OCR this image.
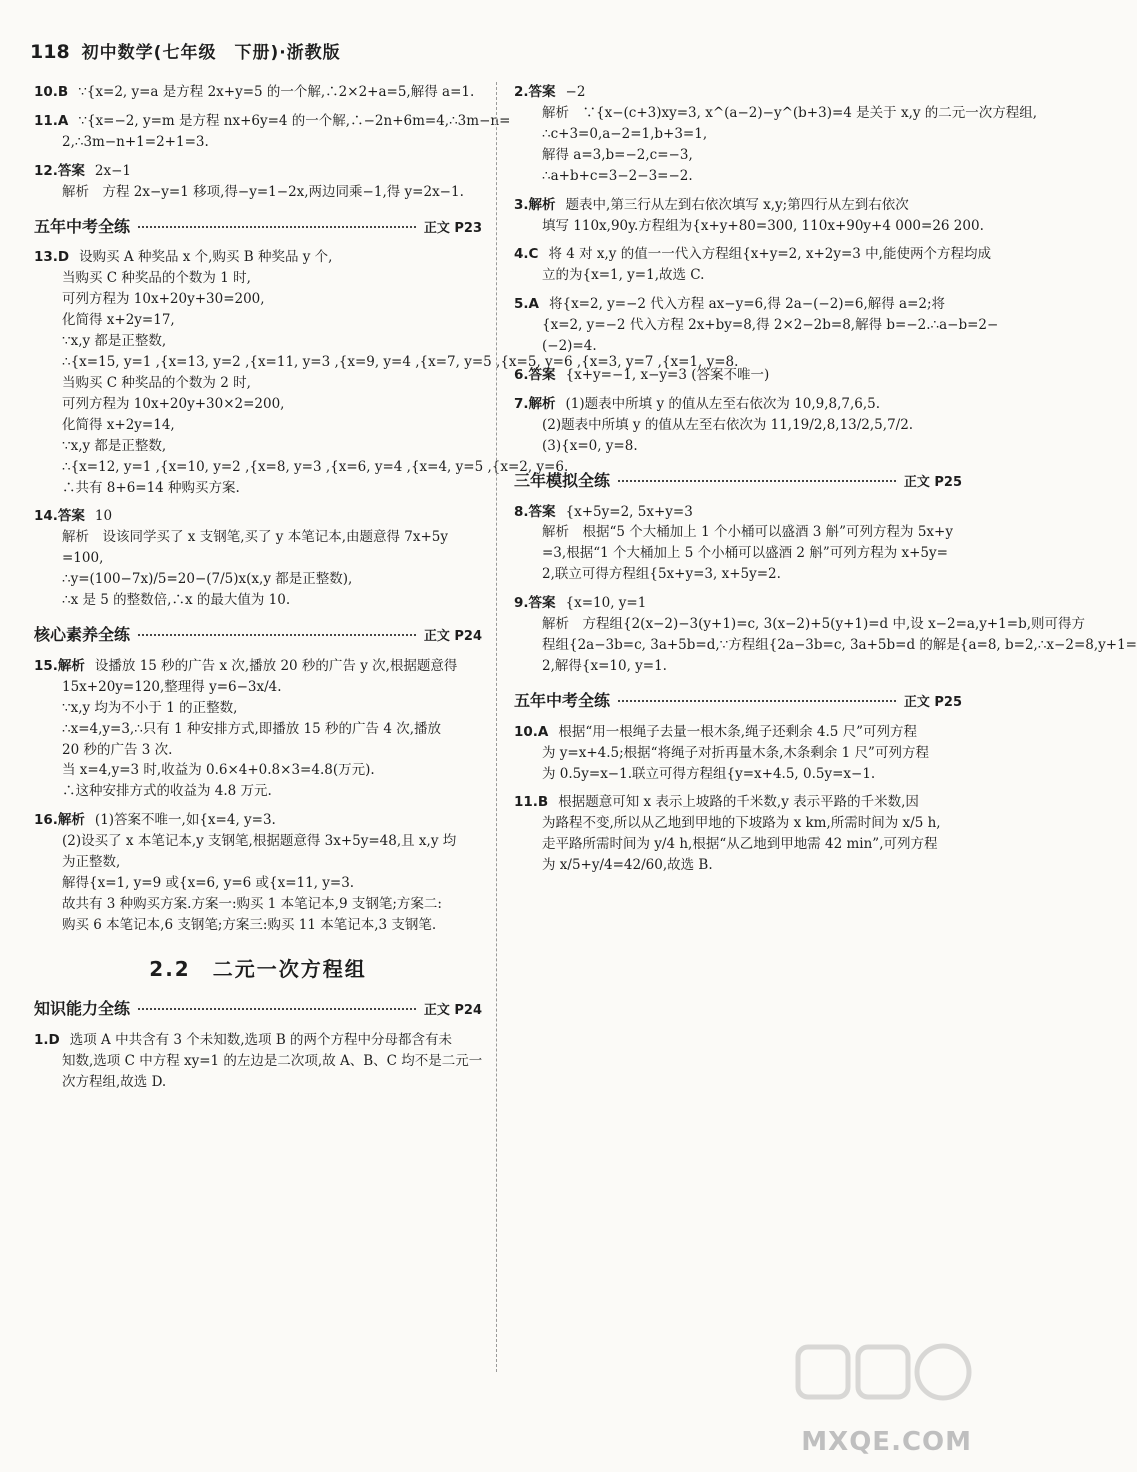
118 初中数学(七年级　下册)·浙教版
10.B ∵{x=2, y=a 是方程 2x+y=5 的一个解,∴2×2+a=5,解得 a=1.
11.A ∵{x=−2, y=m 是方程 nx+6y=4 的一个解,∴−2n+6m=4,∴3m−n=
2,∴3m−n+1=2+1=3.
12.答案 2x−1
解析　方程 2x−y=1 移项,得−y=1−2x,两边同乘−1,得 y=2x−1.
五年中考全练	正文 P23
13.D 设购买 A 种奖品 x 个,购买 B 种奖品 y 个,
当购买 C 种奖品的个数为 1 时,
可列方程为 10x+20y+30=200,
化简得 x+2y=17,
∵x,y 都是正整数,
∴{x=15, y=1 ,{x=13, y=2 ,{x=11, y=3 ,{x=9, y=4 ,{x=7, y=5 ,{x=5, y=6 ,{x=3, y=7 ,{x=1, y=8.
当购买 C 种奖品的个数为 2 时,
可列方程为 10x+20y+30×2=200,
化简得 x+2y=14,
∵x,y 都是正整数,
∴{x=12, y=1 ,{x=10, y=2 ,{x=8, y=3 ,{x=6, y=4 ,{x=4, y=5 ,{x=2, y=6.
∴共有 8+6=14 种购买方案.
14.答案 10
解析　设该同学买了 x 支钢笔,买了 y 本笔记本,由题意得 7x+5y
=100,
∴y=(100−7x)/5=20−(7/5)x(x,y 都是正整数),
∴x 是 5 的整数倍,∴x 的最大值为 10.
核心素养全练	正文 P24
15.解析 设播放 15 秒的广告 x 次,播放 20 秒的广告 y 次,根据题意得
15x+20y=120,整理得 y=6−3x/4.
∵x,y 均为不小于 1 的正整数,
∴x=4,y=3,∴只有 1 种安排方式,即播放 15 秒的广告 4 次,播放
20 秒的广告 3 次.
当 x=4,y=3 时,收益为 0.6×4+0.8×3=4.8(万元).
∴这种安排方式的收益为 4.8 万元.
16.解析 (1)答案不唯一,如{x=4, y=3.
(2)设买了 x 本笔记本,y 支钢笔,根据题意得 3x+5y=48,且 x,y 均
为正整数,
解得{x=1, y=9 或{x=6, y=6 或{x=11, y=3.
故共有 3 种购买方案.方案一:购买 1 本笔记本,9 支钢笔;方案二:
购买 6 本笔记本,6 支钢笔;方案三:购买 11 本笔记本,3 支钢笔.
2.2　二元一次方程组
知识能力全练	正文 P24
1.D 选项 A 中共含有 3 个未知数,选项 B 的两个方程中分母都含有未
知数,选项 C 中方程 xy=1 的左边是二次项,故 A、B、C 均不是二元一
次方程组,故选 D.
2.答案 −2
解析　∵{x−(c+3)xy=3, x^(a−2)−y^(b+3)=4 是关于 x,y 的二元一次方程组,
∴c+3=0,a−2=1,b+3=1,
解得 a=3,b=−2,c=−3,
∴a+b+c=3−2−3=−2.
3.解析 题表中,第三行从左到右依次填写 x,y;第四行从左到右依次
填写 110x,90y.方程组为{x+y+80=300, 110x+90y+4 000=26 200.
4.C 将 4 对 x,y 的值一一代入方程组{x+y=2, x+2y=3 中,能使两个方程均成
立的为{x=1, y=1,故选 C.
5.A 将{x=2, y=−2 代入方程 ax−y=6,得 2a−(−2)=6,解得 a=2;将
{x=2, y=−2 代入方程 2x+by=8,得 2×2−2b=8,解得 b=−2.∴a−b=2−
(−2)=4.
6.答案 {x+y=−1, x−y=3 (答案不唯一)
7.解析 (1)题表中所填 y 的值从左至右依次为 10,9,8,7,6,5.
(2)题表中所填 y 的值从左至右依次为 11,19/2,8,13/2,5,7/2.
(3){x=0, y=8.
三年模拟全练	正文 P25
8.答案 {x+5y=2, 5x+y=3
解析　根据“5 个大桶加上 1 个小桶可以盛酒 3 斛”可列方程为 5x+y
=3,根据“1 个大桶加上 5 个小桶可以盛酒 2 斛”可列方程为 x+5y=
2,联立可得方程组{5x+y=3, x+5y=2.
9.答案 {x=10, y=1
解析　方程组{2(x−2)−3(y+1)=c, 3(x−2)+5(y+1)=d 中,设 x−2=a,y+1=b,则可得方
程组{2a−3b=c, 3a+5b=d,∵方程组{2a−3b=c, 3a+5b=d 的解是{a=8, b=2,∴x−2=8,y+1=
2,解得{x=10, y=1.
五年中考全练	正文 P25
10.A 根据“用一根绳子去量一根木条,绳子还剩余 4.5 尺”可列方程
为 y=x+4.5;根据“将绳子对折再量木条,木条剩余 1 尺”可列方程
为 0.5y=x−1.联立可得方程组{y=x+4.5, 0.5y=x−1.
11.B 根据题意可知 x 表示上坡路的千米数,y 表示平路的千米数,因
为路程不变,所以从乙地到甲地的下坡路为 x km,所需时间为 x/5 h,
走平路所需时间为 y/4 h,根据“从乙地到甲地需 42 min”,可列方程
为 x/5+y/4=42/60,故选 B.
MXQE.COM
